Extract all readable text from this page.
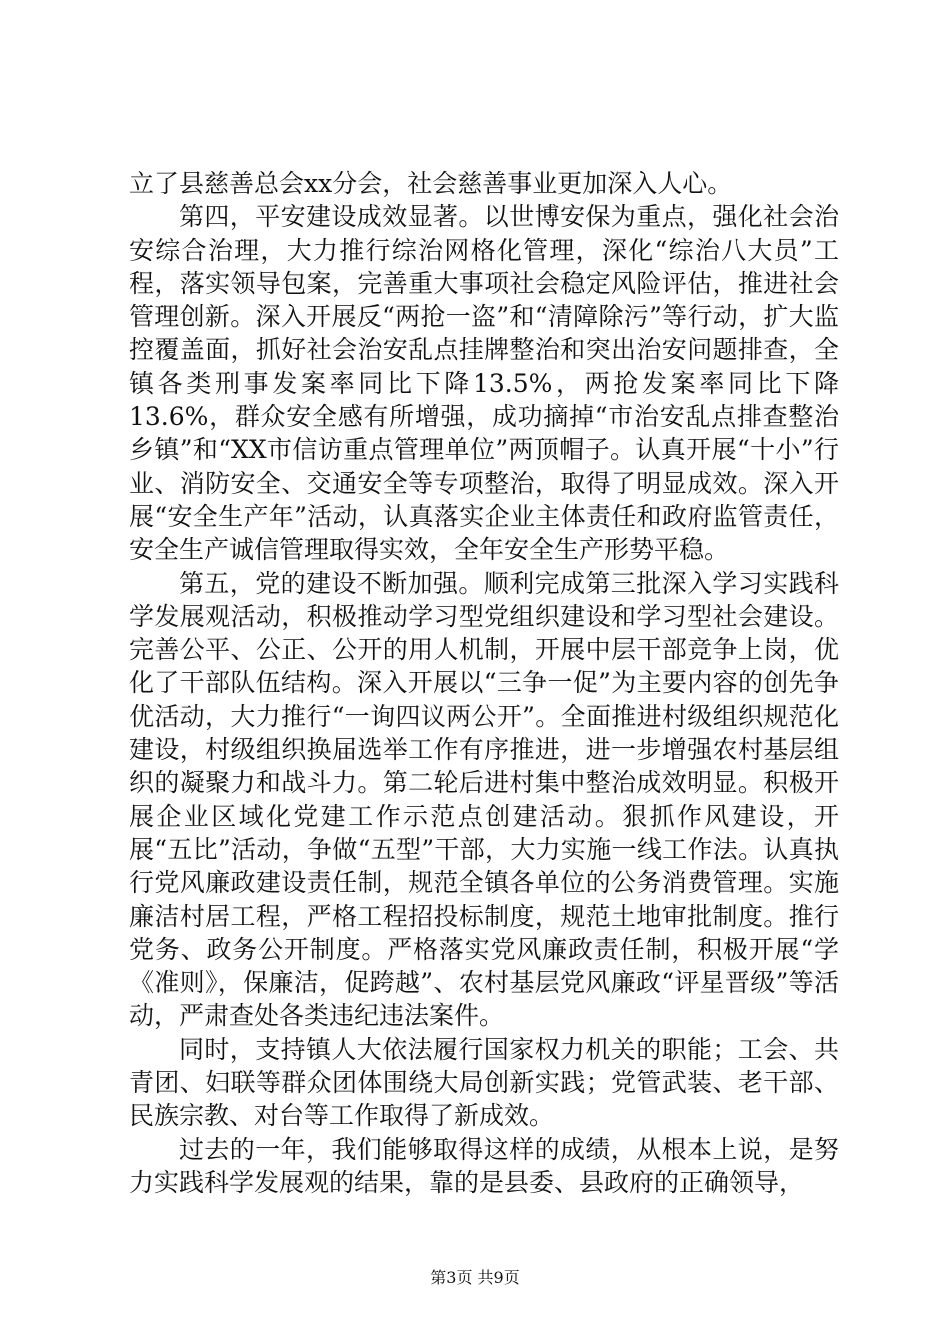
立了县慈善总会xx分会，社会慈善事业更加深入人心。

第四，平安建设成效显著。以世博安保为重点，强化社会治安综合治理，大力推行综治网格化管理，深化“综治八大员”工程，落实领导包案，完善重大事项社会稳定风险评估，推进社会管理创新。深入开展反“两抢一盗”和“清障除污”等行动，扩大监控覆盖面，抓好社会治安乱点挂牌整治和突出治安问题排查，全镇各类刑事发案率同比下降13.5%，两抢发案率同比下降13.6%，群众安全感有所增强，成功摘掉“市治安乱点排查整治乡镇”和“XX市信访重点管理单位”两顶帽子。认真开展“十小”行业、消防安全、交通安全等专项整治，取得了明显成效。深入开展“安全生产年”活动，认真落实企业主体责任和政府监管责任，安全生产诚信管理取得实效，全年安全生产形势平稳。

第五，党的建设不断加强。顺利完成第三批深入学习实践科学发展观活动，积极推动学习型党组织建设和学习型社会建设。完善公平、公正、公开的用人机制，开展中层干部竞争上岗，优化了干部队伍结构。深入开展以“三争一促”为主要内容的创先争优活动，大力推行“一询四议两公开”。全面推进村级组织规范化建设，村级组织换届选举工作有序推进，进一步增强农村基层组织的凝聚力和战斗力。第二轮后进村集中整治成效明显。积极开展企业区域化党建工作示范点创建活动。狠抓作风建设，开展“五比”活动，争做“五型”干部，大力实施一线工作法。认真执行党风廉政建设责任制，规范全镇各单位的公务消费管理。实施廉洁村居工程，严格工程招投标制度，规范土地审批制度。推行党务、政务公开制度。严格落实党风廉政责任制，积极开展“学《准则》，保廉洁，促跨越”、农村基层党风廉政“评星晋级”等活动，严肃查处各类违纪违法案件。

同时，支持镇人大依法履行国家权力机关的职能；工会、共青团、妇联等群众团体围绕大局创新实践；党管武装、老干部、民族宗教、对台等工作取得了新成效。

过去的一年，我们能够取得这样的成绩，从根本上说，是努力实践科学发展观的结果，靠的是县委、县政府的正确领导，

第3页 共9页
